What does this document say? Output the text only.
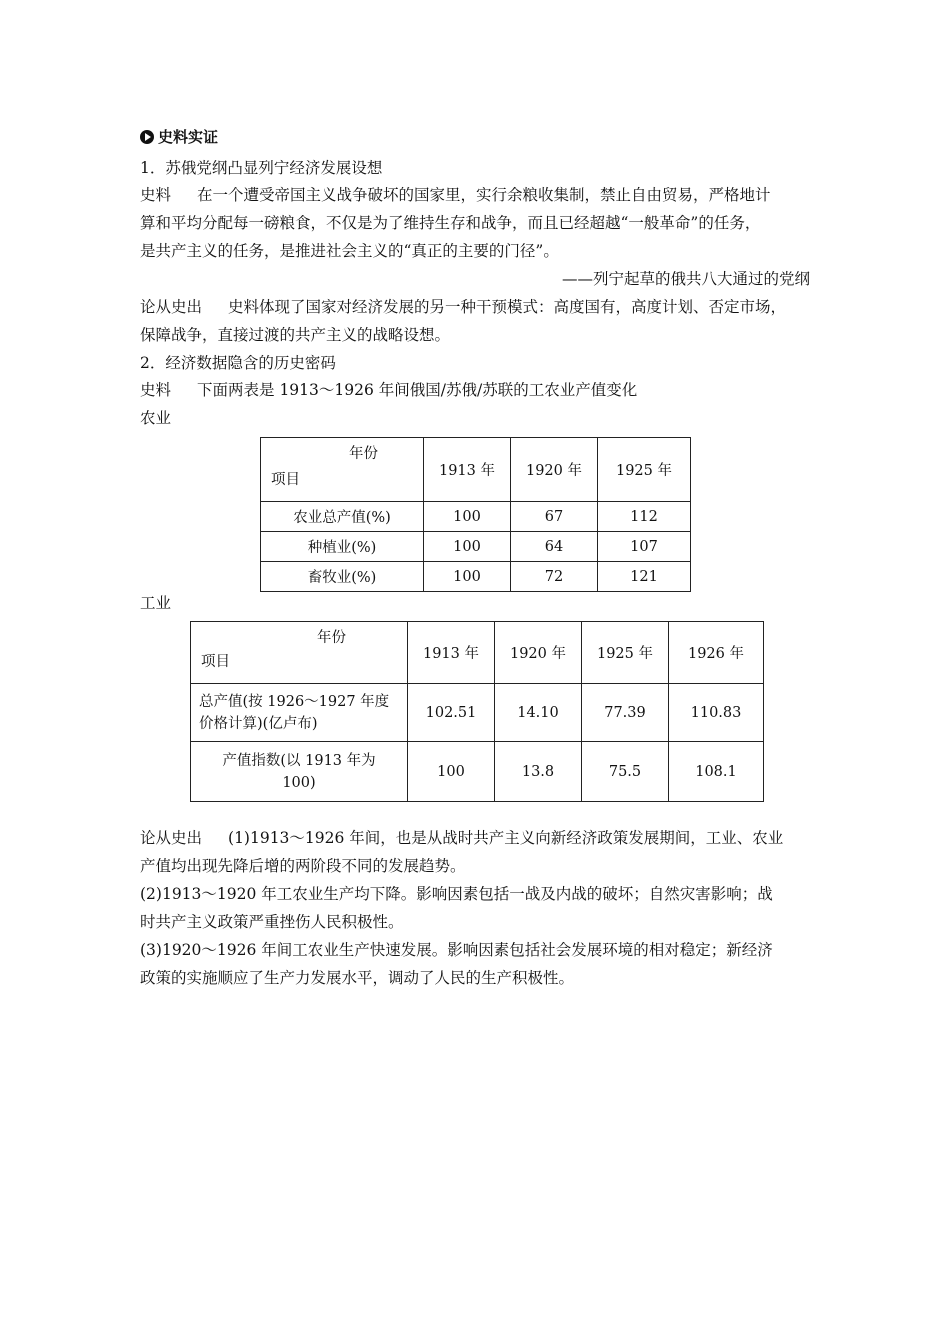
史料实证
1．苏俄党纲凸显列宁经济发展设想
史料 在一个遭受帝国主义战争破坏的国家里，实行余粮收集制，禁止自由贸易，严格地计
算和平均分配每一磅粮食，不仅是为了维持生存和战争，而且已经超越“一般革命”的任务，
是共产主义的任务，是推进社会主义的“真正的主要的门径”。
——列宁起草的俄共八大通过的党纲
论从史出 史料体现了国家对经济发展的另一种干预模式：高度国有，高度计划、否定市场，
保障战争，直接过渡的共产主义的战略设想。
2．经济数据隐含的历史密码
史料 下面两表是 1913～1926 年间俄国/苏俄/苏联的工农业产值变化
农业
年份
项目	1913 年	1920 年	1925 年
农业总产值(%)	100	67	112
种植业(%)	100	64	107
畜牧业(%)	100	72	121
工业
年份
项目	1913 年	1920 年	1925 年	1926 年

总产值(按 1926～1927 年度
价格计算)(亿卢布)	102.51	14.10	77.39	110.83

产值指数(以 1913 年为
100)	100	13.8	75.5	108.1
论从史出 (1)1913～1926 年间，也是从战时共产主义向新经济政策发展期间，工业、农业
产值均出现先降后增的两阶段不同的发展趋势。
(2)1913～1920 年工农业生产均下降。影响因素包括一战及内战的破坏；自然灾害影响；战
时共产主义政策严重挫伤人民积极性。
(3)1920～1926 年间工农业生产快速发展。影响因素包括社会发展环境的相对稳定；新经济
政策的实施顺应了生产力发展水平，调动了人民的生产积极性。
